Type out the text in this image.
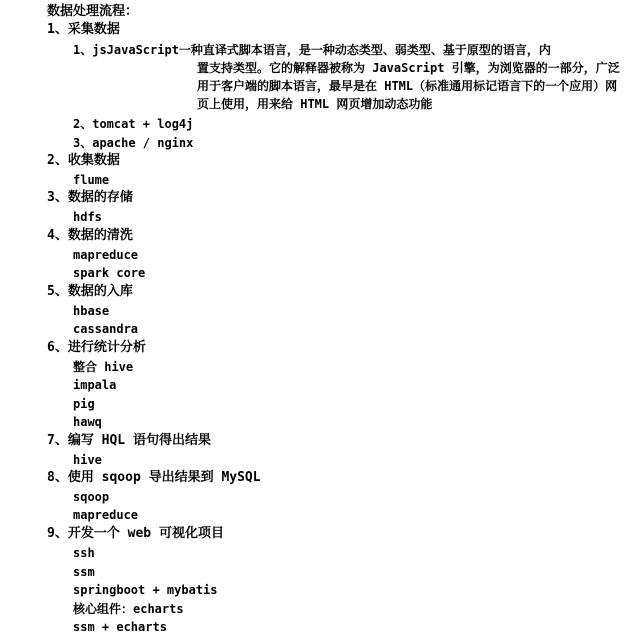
数据处理流程：
1、采集数据
1、jsJavaScript一种直译式脚本语言，是一种动态类型、弱类型、基于原型的语言，内
置支持类型。它的解释器被称为 JavaScript 引擎，为浏览器的一部分，广泛用于客户端的脚本语言，最早是在 HTML（标准通用标记语言下的一个应用）网页上使用，用来给 HTML 网页增加动态功能
2、tomcat + log4j
3、apache / nginx
2、收集数据
flume
3、数据的存储
hdfs
4、数据的清洗
mapreduce
spark core
5、数据的入库
hbase
cassandra
6、进行统计分析
整合 hive
impala
pig
hawq
7、编写 HQL 语句得出结果
hive
8、使用 sqoop 导出结果到 MySQL
sqoop
mapreduce
9、开发一个 web 可视化项目
ssh
ssm
springboot + mybatis
核心组件：echarts
ssm + echarts
